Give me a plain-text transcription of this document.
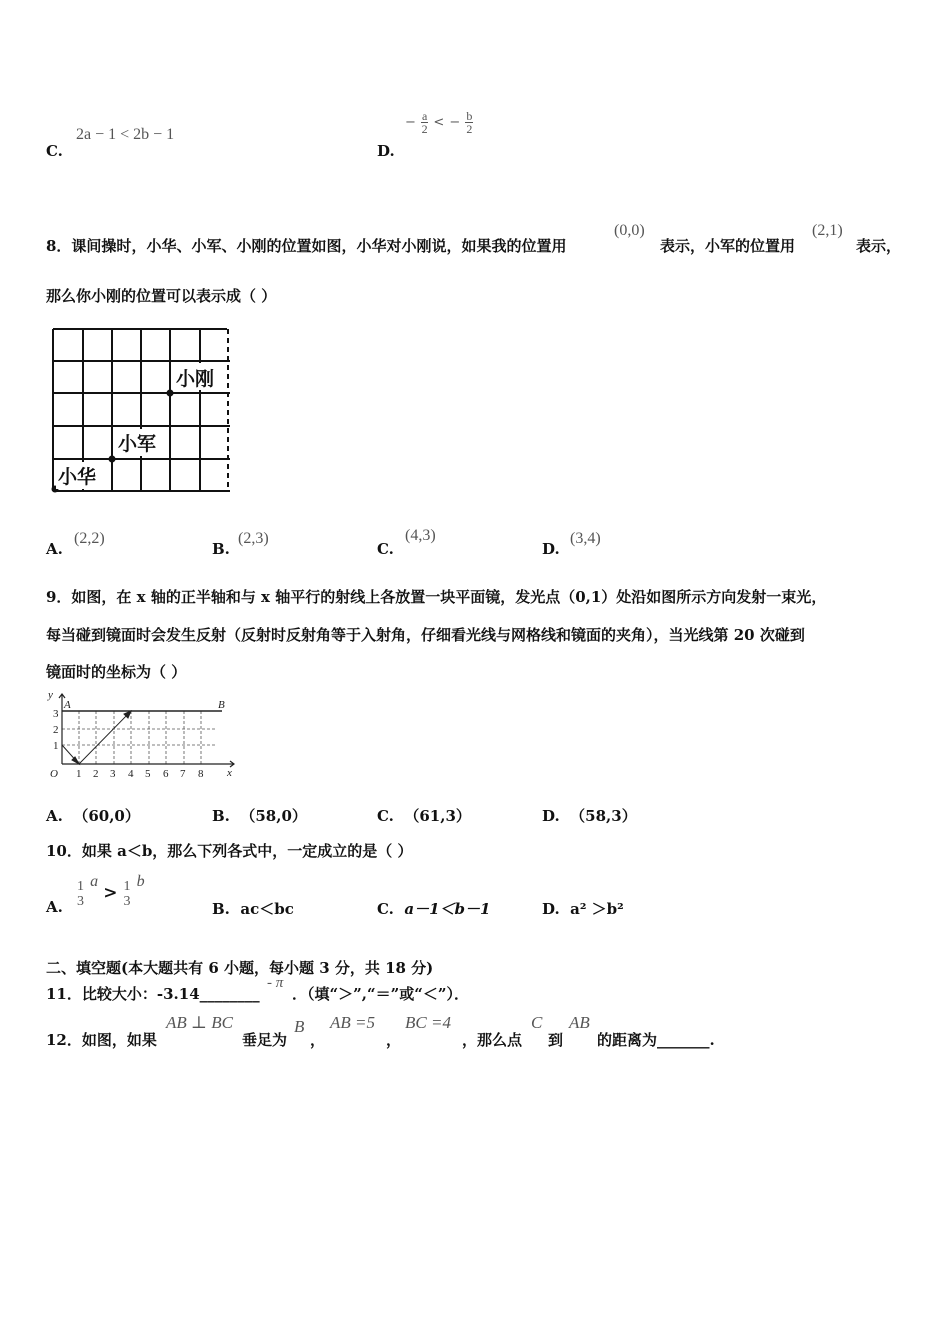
C.
2a − 1 < 2b − 1
D.
− $\frac{a}{2}$ < − $\frac{b}{2}$
8．课间操时，小华、小军、小刚的位置如图，小华对小刚说，如果我的位置用
(0,0)
表示，小军的位置用
(2,1)
表示，
那么你小刚的位置可以表示成（ ）
小刚
小军
小华
A.
(2,2)
B.
(2,3)
C.
(4,3)
D.
(3,4)
9．如图，在 x 轴的正半轴和与 x 轴平行的射线上各放置一块平面镜，发光点（0,1）处沿如图所示方向发射一束光，
每当碰到镜面时会发生反射（反射时反射角等于入射角，仔细看光线与网格线和镜面的夹角），当光线第 20 次碰到
镜面时的坐标为（ ）
y
x
O
A	B
1
2
3
1 2 3 4 5 6 7 8
A. （60,0）	B. （58,0）	C. （61,3）	D. （58,3）
10．如果 a＜b，那么下列各式中，一定成立的是（ ）
A.
1
3
a > 1
3
b
B. ac＜bc	C. a－1＜b－1	D. a² ＞b²
二、填空题(本大题共有 6 小题，每小题 3 分，共 18 分)
11．比较大小：-3.14________
- π
．（填“＞”,“＝”或“＜”）．
12．如图，如果
AB ⊥ BC
垂足为
B
，
AB =5
，
BC =4
，那么点
C
到
AB
的距离为_______.
